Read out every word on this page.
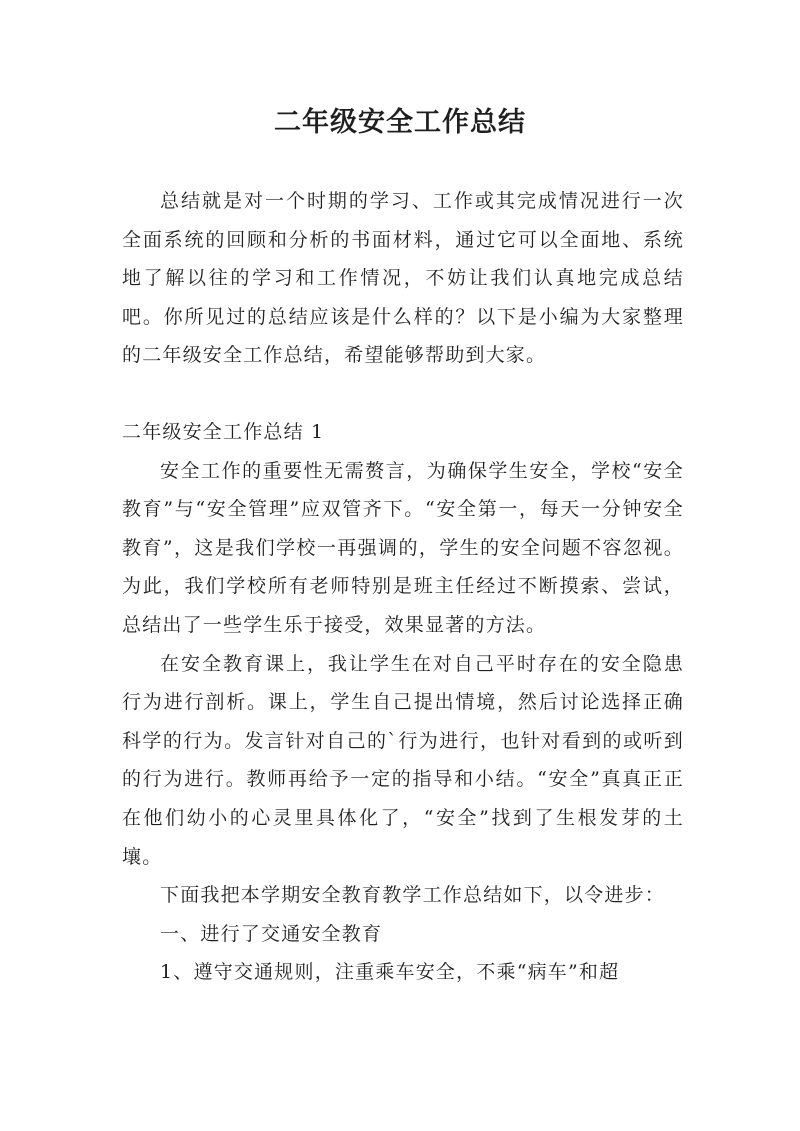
二年级安全工作总结

总结就是对一个时期的学习、工作或其完成情况进行一次全面系统的回顾和分析的书面材料，通过它可以全面地、系统地了解以往的学习和工作情况，不妨让我们认真地完成总结吧。你所见过的总结应该是什么样的？以下是小编为大家整理的二年级安全工作总结，希望能够帮助到大家。

二年级安全工作总结 1

安全工作的重要性无需赘言，为确保学生安全，学校“安全教育”与“安全管理”应双管齐下。“安全第一，每天一分钟安全教育”，这是我们学校一再强调的，学生的安全问题不容忽视。为此，我们学校所有老师特别是班主任经过不断摸索、尝试，总结出了一些学生乐于接受，效果显著的方法。

在安全教育课上，我让学生在对自己平时存在的安全隐患行为进行剖析。课上，学生自己提出情境，然后讨论选择正确科学的行为。发言针对自己的`行为进行，也针对看到的或听到的行为进行。教师再给予一定的指导和小结。“安全”真真正正在他们幼小的心灵里具体化了，“安全”找到了生根发芽的土壤。

下面我把本学期安全教育教学工作总结如下，以令进步：

一、进行了交通安全教育

1、遵守交通规则，注重乘车安全，不乘“病车”和超
